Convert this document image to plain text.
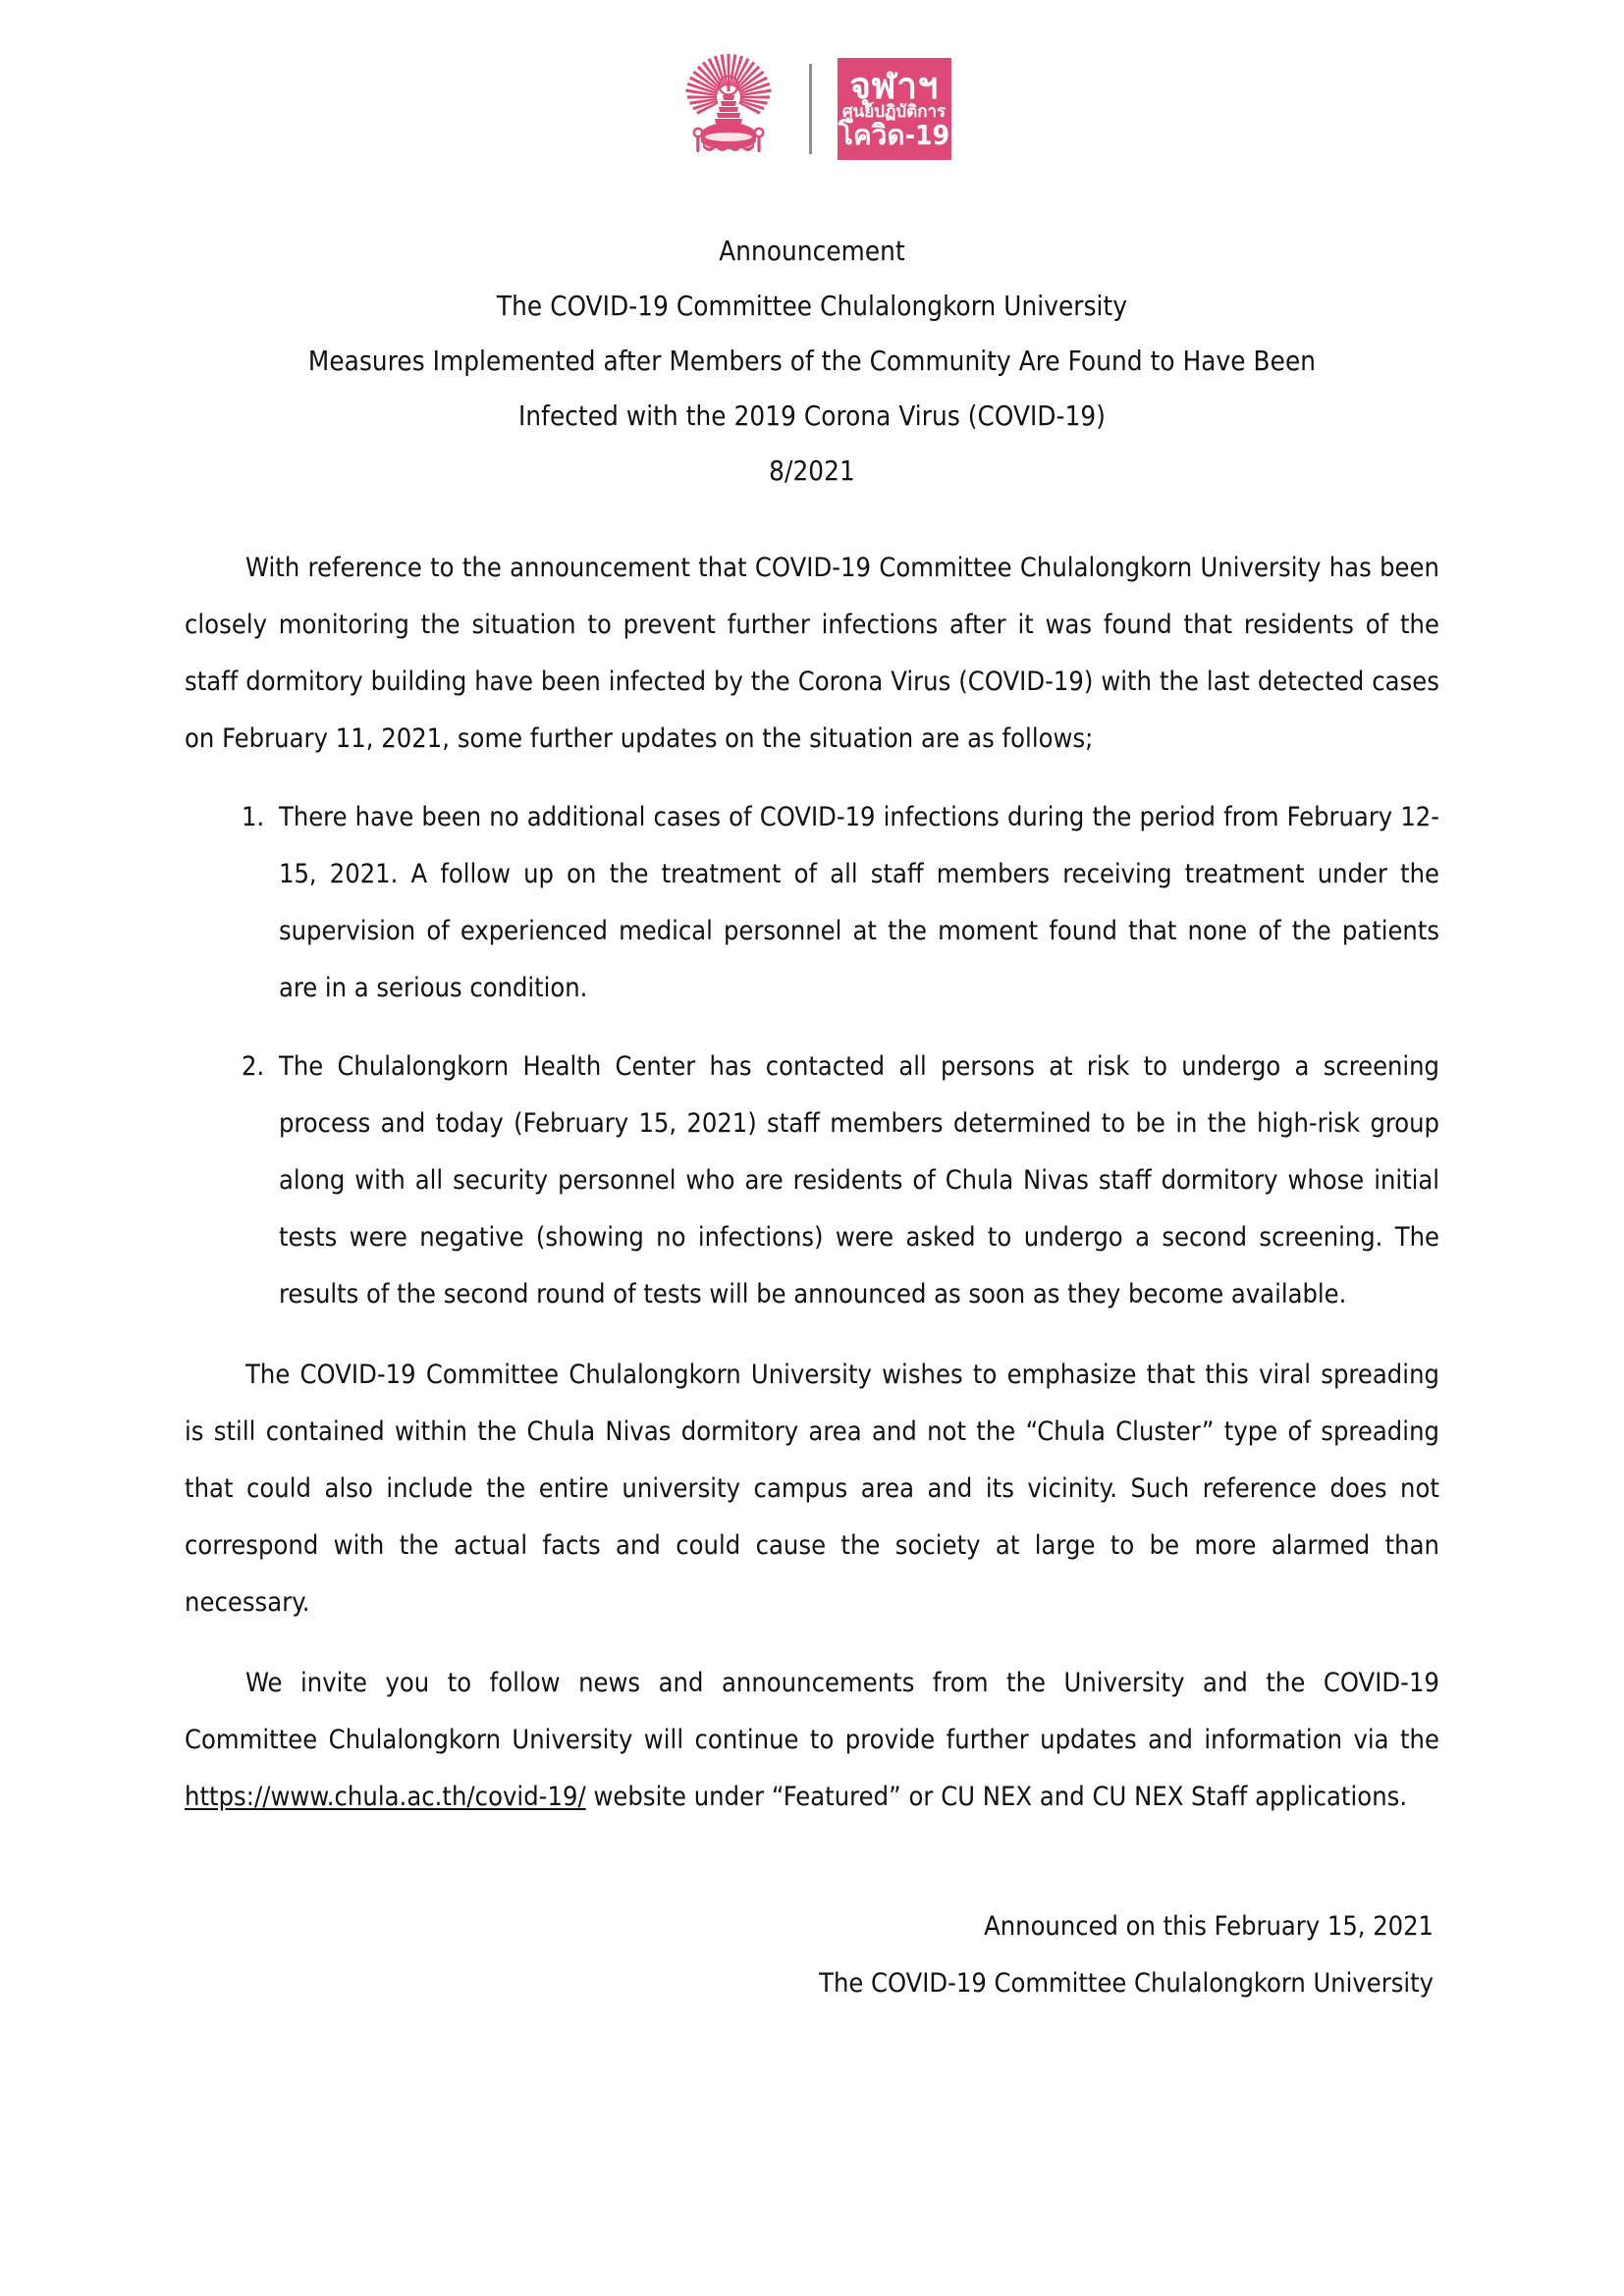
จุฬาฯ
ศูนย์ปฏิบัติการ
โควิด-19
Announcement
The COVID-19 Committee Chulalongkorn University
Measures Implemented after Members of the Community Are Found to Have Been
Infected with the 2019 Corona Virus (COVID-19)
8/2021

With reference to the announcement that COVID-19 Committee Chulalongkorn University has been closely monitoring the situation to prevent further infections after it was found that residents of the staff dormitory building have been infected by the Corona Virus (COVID-19) with the last detected cases on February 11, 2021, some further updates on the situation are as follows;

1. There have been no additional cases of COVID-19 infections during the period from February 12-15, 2021. A follow up on the treatment of all staff members receiving treatment under the supervision of experienced medical personnel at the moment found that none of the patients are in a serious condition.
2. The Chulalongkorn Health Center has contacted all persons at risk to undergo a screening process and today (February 15, 2021) staff members determined to be in the high-risk group along with all security personnel who are residents of Chula Nivas staff dormitory whose initial tests were negative (showing no infections) were asked to undergo a second screening. The results of the second round of tests will be announced as soon as they become available.

The COVID-19 Committee Chulalongkorn University wishes to emphasize that this viral spreading is still contained within the Chula Nivas dormitory area and not the “Chula Cluster” type of spreading that could also include the entire university campus area and its vicinity. Such reference does not correspond with the actual facts and could cause the society at large to be more alarmed than necessary.

We invite you to follow news and announcements from the University and the COVID-19 Committee Chulalongkorn University will continue to provide further updates and information via the https://www.chula.ac.th/covid-19/ website under “Featured” or CU NEX and CU NEX Staff applications.

Announced on this February 15, 2021
The COVID-19 Committee Chulalongkorn University
